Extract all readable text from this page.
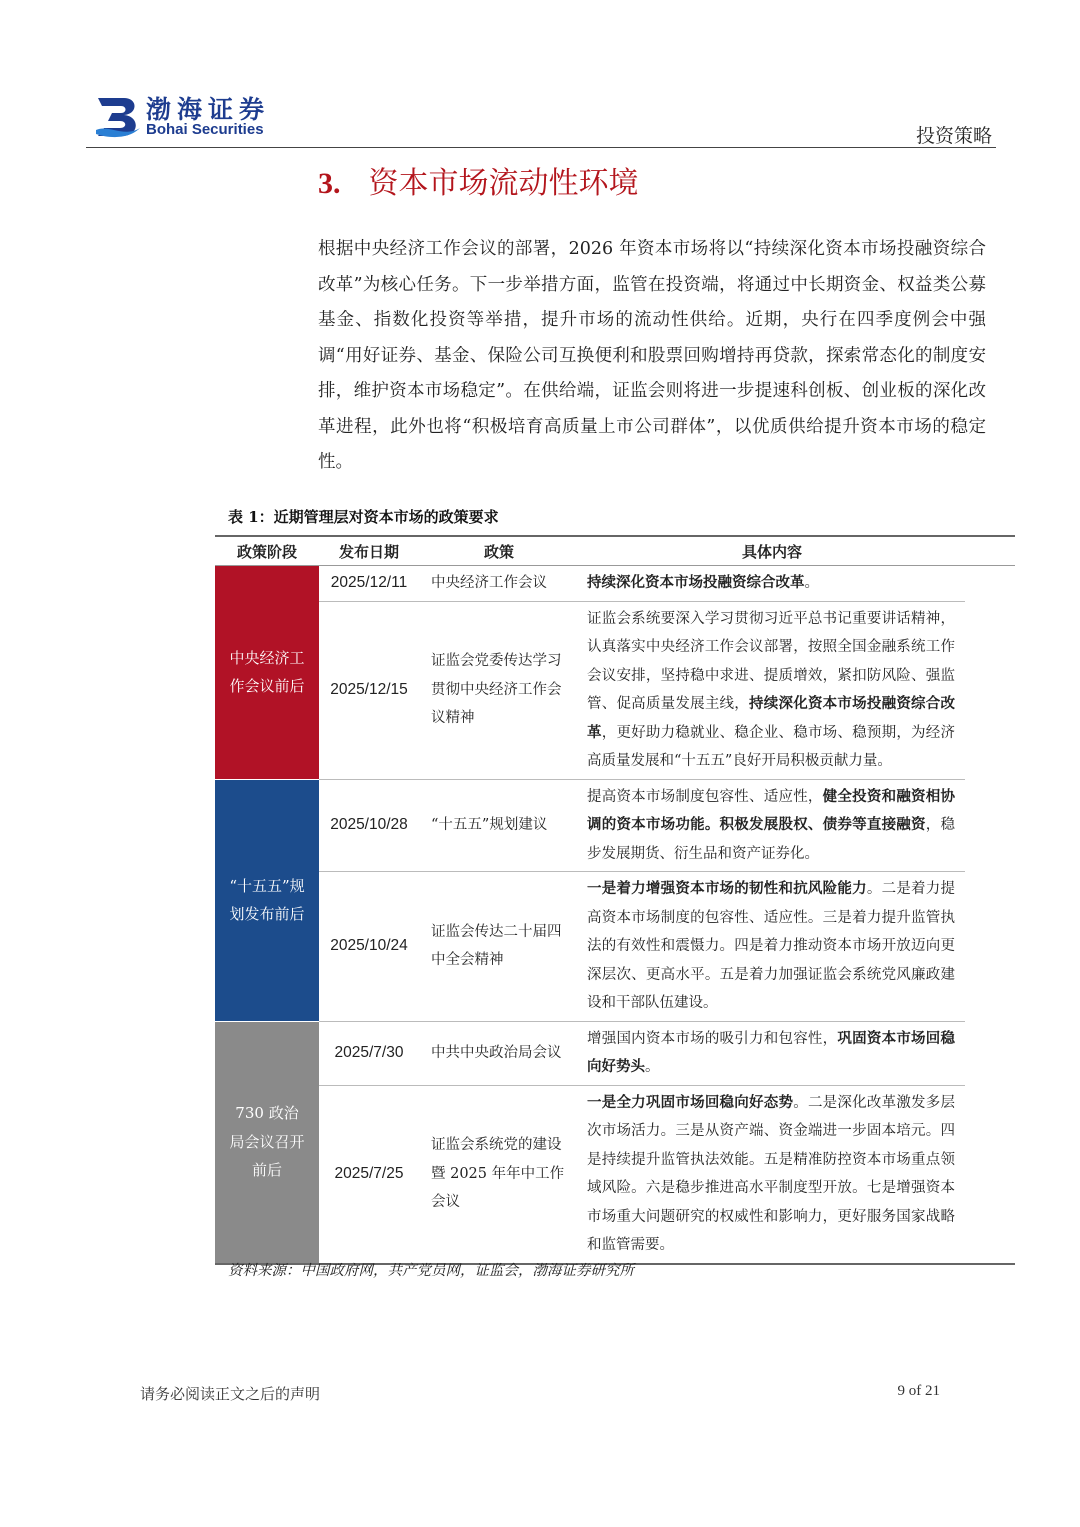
渤海证券
Bohai Securities	投资策略
3. 资本市场流动性环境

根据中央经济工作会议的部署，2026 年资本市场将以“持续深化资本市场投融资综合改革”为核心任务。下一步举措方面，监管在投资端，将通过中长期资金、权益类公募基金、指数化投资等举措，提升市场的流动性供给。近期，央行在四季度例会中强调“用好证券、基金、保险公司互换便利和股票回购增持再贷款，探索常态化的制度安排，维护资本市场稳定”。在供给端，证监会则将进一步提速科创板、创业板的深化改革进程，此外也将“积极培育高质量上市公司群体”，以优质供给提升资本市场的稳定性。

表 1：近期管理层对资本市场的政策要求
政策阶段	发布日期	政策	具体内容	
中央经济工作会议前后	2025/12/11	中央经济工作会议	持续深化资本市场投融资综合改革。	
	2025/12/15	证监会党委传达学习贯彻中央经济工作会议精神	证监会系统要深入学习贯彻习近平总书记重要讲话精神，认真落实中央经济工作会议部署，按照全国金融系统工作会议安排，坚持稳中求进、提质增效，紧扣防风险、强监管、促高质量发展主线，持续深化资本市场投融资综合改革，更好助力稳就业、稳企业、稳市场、稳预期，为经济高质量发展和“十五五”良好开局积极贡献力量。	
“十五五”规划发布前后	2025/10/28	“十五五”规划建议	提高资本市场制度包容性、适应性，健全投资和融资相协调的资本市场功能。积极发展股权、债券等直接融资，稳步发展期货、衍生品和资产证券化。	
	2025/10/24	证监会传达二十届四中全会精神	一是着力增强资本市场的韧性和抗风险能力。二是着力提高资本市场制度的包容性、适应性。三是着力提升监管执法的有效性和震慑力。四是着力推动资本市场开放迈向更深层次、更高水平。五是着力加强证监会系统党风廉政建设和干部队伍建设。	
730 政治局会议召开前后	2025/7/30	中共中央政治局会议	增强国内资本市场的吸引力和包容性，巩固资本市场回稳向好势头。	
	2025/7/25	证监会系统党的建设暨 2025 年年中工作会议	一是全力巩固市场回稳向好态势。二是深化改革激发多层次市场活力。三是从资产端、资金端进一步固本培元。四是持续提升监管执法效能。五是精准防控资本市场重点领域风险。六是稳步推进高水平制度型开放。七是增强资本市场重大问题研究的权威性和影响力，更好服务国家战略和监管需要。	
资料来源：中国政府网，共产党员网，证监会，渤海证券研究所
请务必阅读正文之后的声明	9 of 21
